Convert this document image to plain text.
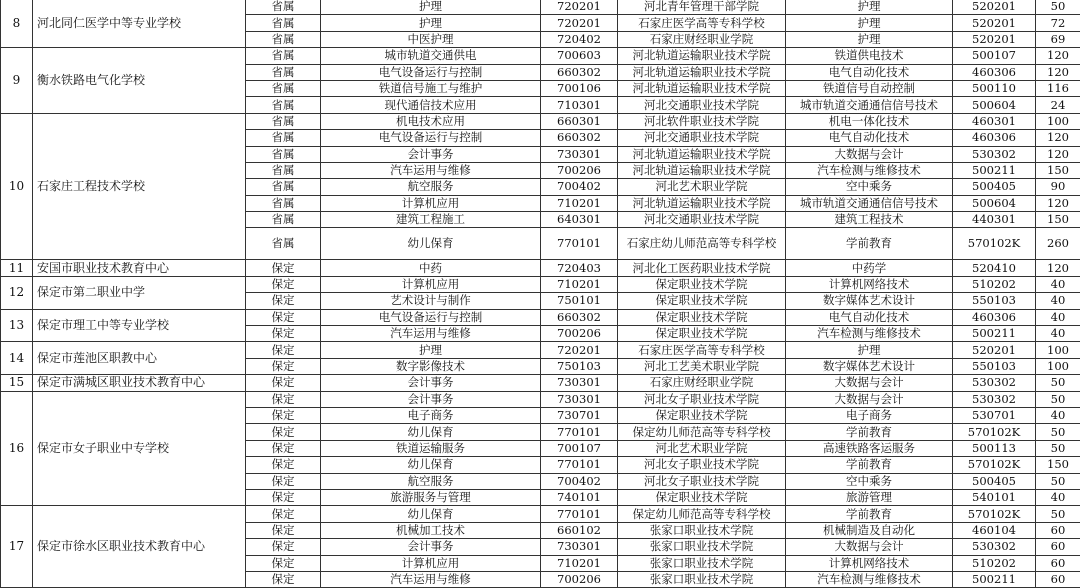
8	河北同仁医学中等专业学校	省属	护理	720201	河北青年管理干部学院	护理	520201	50
		省属	护理	720201	石家庄医学高等专科学校	护理	520201	72
		省属	中医护理	720402	石家庄财经职业学院	护理	520201	69
9	衡水铁路电气化学校	省属	城市轨道交通供电	700603	河北轨道运输职业技术学院	铁道供电技术	500107	120
		省属	电气设备运行与控制	660302	河北轨道运输职业技术学院	电气自动化技术	460306	120
		省属	铁道信号施工与维护	700106	河北轨道运输职业技术学院	铁道信号自动控制	500110	116
		省属	现代通信技术应用	710301	河北交通职业技术学院	城市轨道交通通信信号技术	500604	24
10	石家庄工程技术学校	省属	机电技术应用	660301	河北软件职业技术学院	机电一体化技术	460301	100
		省属	电气设备运行与控制	660302	河北交通职业技术学院	电气自动化技术	460306	120
		省属	会计事务	730301	河北轨道运输职业技术学院	大数据与会计	530302	120
		省属	汽车运用与维修	700206	河北轨道运输职业技术学院	汽车检测与维修技术	500211	150
		省属	航空服务	700402	河北艺术职业学院	空中乘务	500405	90
		省属	计算机应用	710201	河北轨道运输职业技术学院	城市轨道交通通信信号技术	500604	120
		省属	建筑工程施工	640301	河北交通职业技术学院	建筑工程技术	440301	150
		省属	幼儿保育	770101	石家庄幼儿师范高等专科学校	学前教育	570102K	260
11	安国市职业技术教育中心	保定	中药	720403	河北化工医药职业技术学院	中药学	520410	120
12	保定市第二职业中学	保定	计算机应用	710201	保定职业技术学院	计算机网络技术	510202	40
		保定	艺术设计与制作	750101	保定职业技术学院	数字媒体艺术设计	550103	40
13	保定市理工中等专业学校	保定	电气设备运行与控制	660302	保定职业技术学院	电气自动化技术	460306	40
		保定	汽车运用与维修	700206	保定职业技术学院	汽车检测与维修技术	500211	40
14	保定市莲池区职教中心	保定	护理	720201	石家庄医学高等专科学校	护理	520201	100
		保定	数字影像技术	750103	河北工艺美术职业学院	数字媒体艺术设计	550103	100
15	保定市满城区职业技术教育中心	保定	会计事务	730301	石家庄财经职业学院	大数据与会计	530302	50
16	保定市女子职业中专学校	保定	会计事务	730301	河北女子职业技术学院	大数据与会计	530302	50
		保定	电子商务	730701	保定职业技术学院	电子商务	530701	40
		保定	幼儿保育	770101	保定幼儿师范高等专科学校	学前教育	570102K	50
		保定	铁道运输服务	700107	河北艺术职业学院	高速铁路客运服务	500113	50
		保定	幼儿保育	770101	河北女子职业技术学院	学前教育	570102K	150
		保定	航空服务	700402	河北女子职业技术学院	空中乘务	500405	50
		保定	旅游服务与管理	740101	保定职业技术学院	旅游管理	540101	40
17	保定市徐水区职业技术教育中心	保定	幼儿保育	770101	保定幼儿师范高等专科学校	学前教育	570102K	50
		保定	机械加工技术	660102	张家口职业技术学院	机械制造及自动化	460104	60
		保定	会计事务	730301	张家口职业技术学院	大数据与会计	530302	60
		保定	计算机应用	710201	张家口职业技术学院	计算机网络技术	510202	60
		保定	汽车运用与维修	700206	张家口职业技术学院	汽车检测与维修技术	500211	60
